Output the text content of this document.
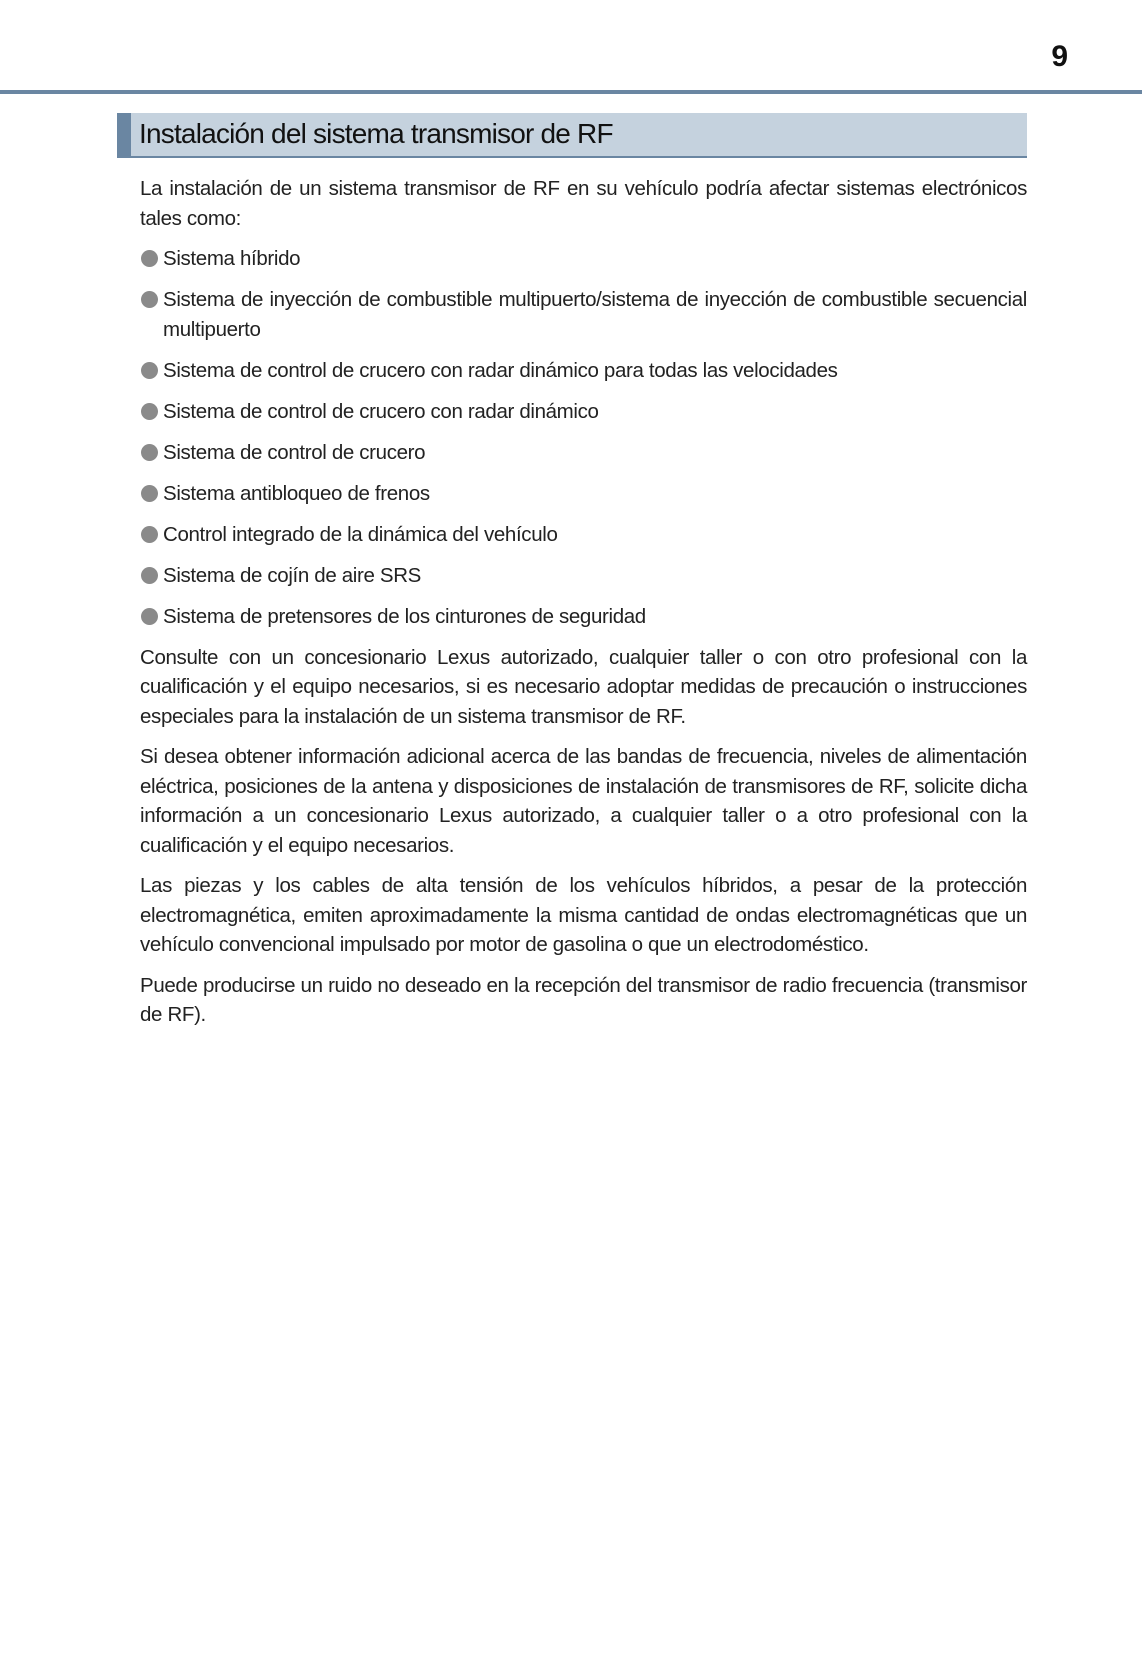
9
Instalación del sistema transmisor de RF

La instalación de un sistema transmisor de RF en su vehículo podría afectar sistemas electrónicos tales como:

Sistema híbrido
Sistema de inyección de combustible multipuerto/sistema de inyección de combustible secuencial multipuerto
Sistema de control de crucero con radar dinámico para todas las velocidades
Sistema de control de crucero con radar dinámico
Sistema de control de crucero
Sistema antibloqueo de frenos
Control integrado de la dinámica del vehículo
Sistema de cojín de aire SRS
Sistema de pretensores de los cinturones de seguridad

Consulte con un concesionario Lexus autorizado, cualquier taller o con otro profesional con la cualificación y el equipo necesarios, si es necesario adoptar medidas de precaución o instrucciones especiales para la instalación de un sistema transmisor de RF.

Si desea obtener información adicional acerca de las bandas de frecuencia, niveles de alimentación eléctrica, posiciones de la antena y disposiciones de instalación de transmisores de RF, solicite dicha información a un concesionario Lexus autorizado, a cualquier taller o a otro profesional con la cualificación y el equipo necesarios.

Las piezas y los cables de alta tensión de los vehículos híbridos, a pesar de la protección electromagnética, emiten aproximadamente la misma cantidad de ondas electromagnéticas que un vehículo convencional impulsado por motor de gasolina o que un electrodoméstico.

Puede producirse un ruido no deseado en la recepción del transmisor de radio frecuencia (transmisor de RF).
